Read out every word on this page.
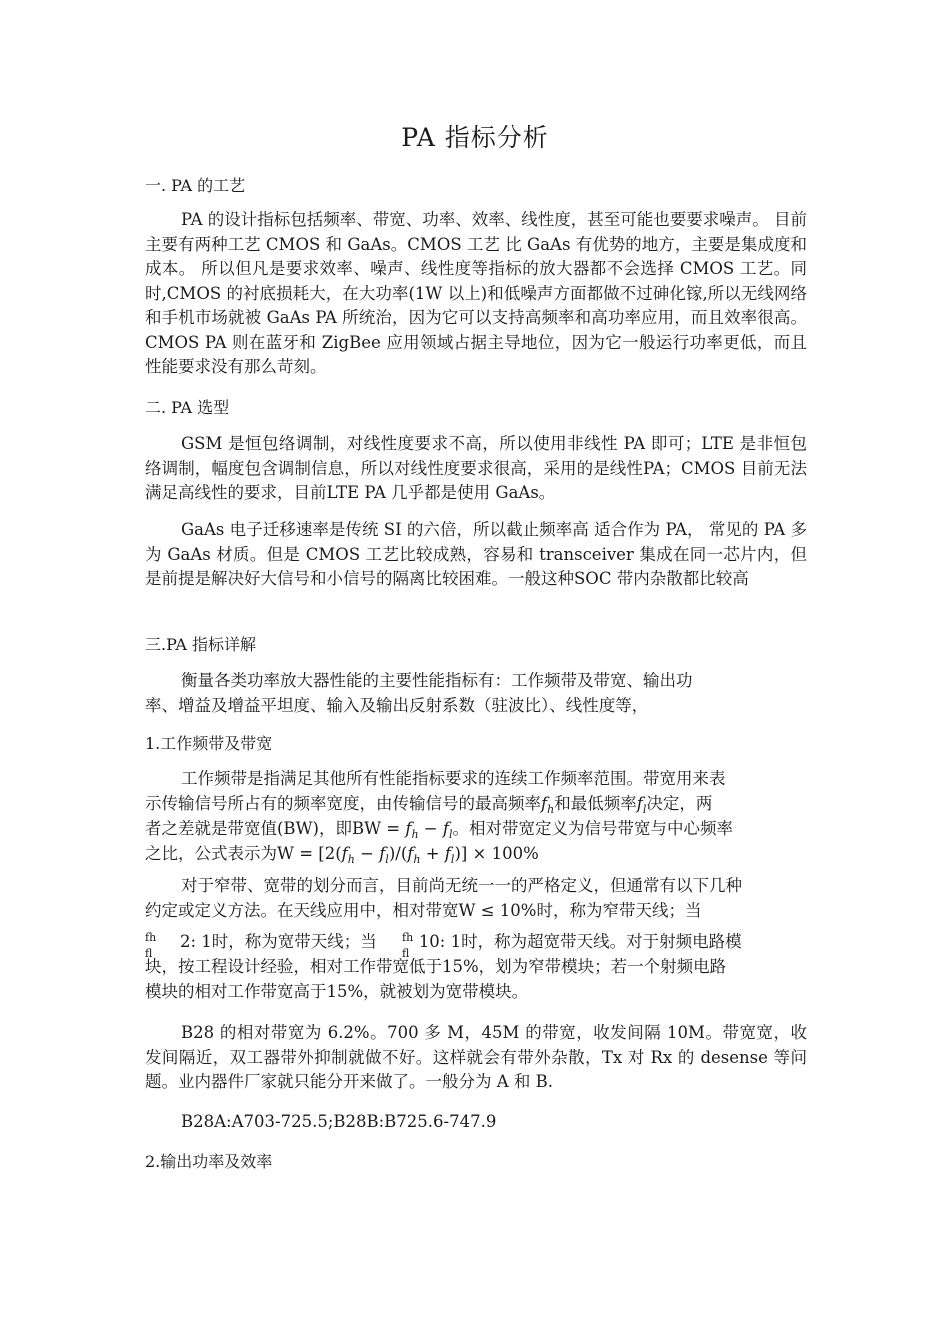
PA 指标分析
一. PA 的工艺
PA 的设计指标包括频率、带宽、功率、效率、线性度，甚至可能也要要求噪声。 目前主要有两种工艺 CMOS 和 GaAs。CMOS 工艺 比 GaAs 有优势的地方，主要是集成度和成本。 所以但凡是要求效率、噪声、线性度等指标的放大器都不会选择 CMOS 工艺。同时,CMOS 的衬底损耗大，在大功率(1W 以上)和低噪声方面都做不过砷化镓,所以无线网络和手机市场就被 GaAs PA 所统治，因为它可以支持高频率和高功率应用，而且效率很高。CMOS PA 则在蓝牙和 ZigBee 应用领域占据主导地位，因为它一般运行功率更低，而且性能要求没有那么苛刻。
二. PA 选型
GSM 是恒包络调制，对线性度要求不高，所以使用非线性 PA 即可；LTE 是非恒包络调制，幅度包含调制信息，所以对线性度要求很高，采用的是线性PA；CMOS 目前无法满足高线性的要求，目前LTE PA 几乎都是使用 GaAs。
GaAs 电子迁移速率是传统 SI 的六倍，所以截止频率高 适合作为 PA， 常见的 PA 多为 GaAs 材质。但是 CMOS 工艺比较成熟，容易和 transceiver 集成在同一芯片内，但是前提是解决好大信号和小信号的隔离比较困难。一般这种SOC 带内杂散都比较高
三.PA 指标详解
衡量各类功率放大器性能的主要性能指标有：工作频带及带宽、输出功
率、增益及增益平坦度、输入及输出反射系数（驻波比）、线性度等，
1.工作频带及带宽
工作频带是指满足其他所有性能指标要求的连续工作频率范围。带宽用来表
示传输信号所占有的频率宽度，由传输信号的最高频率$f_h$和最低频率$f_l$决定，两
者之差就是带宽值(BW)，即BW = $f_h - f_l$。相对带宽定义为信号带宽与中心频率
之比，公式表示为$W = [2(f_h - f_l)/(f_h + f_l)] \times 100\%$
对于窄带、宽带的划分而言，目前尚无统一一的严格定义，但通常有以下几种
约定或定义方法。在天线应用中，相对带宽W ≤ 10%时，称为窄带天线；当
fh
fl
2: 1时，称为宽带天线；当	10: 1时，称为超宽带天线。对于射频电路模
fh
fl
块，按工程设计经验，相对工作带宽低于15%，划为窄带模块；若一个射频电路
模块的相对工作带宽高于15%，就被划为宽带模块。
B28 的相对带宽为 6.2%。700 多 M，45M 的带宽，收发间隔 10M。带宽宽，收发间隔近，双工器带外抑制就做不好。这样就会有带外杂散，Tx 对 Rx 的 desense 等问题。业内器件厂家就只能分开来做了。一般分为 A 和 B.
B28A:A703-725.5;B28B:B725.6-747.9
2.输出功率及效率
